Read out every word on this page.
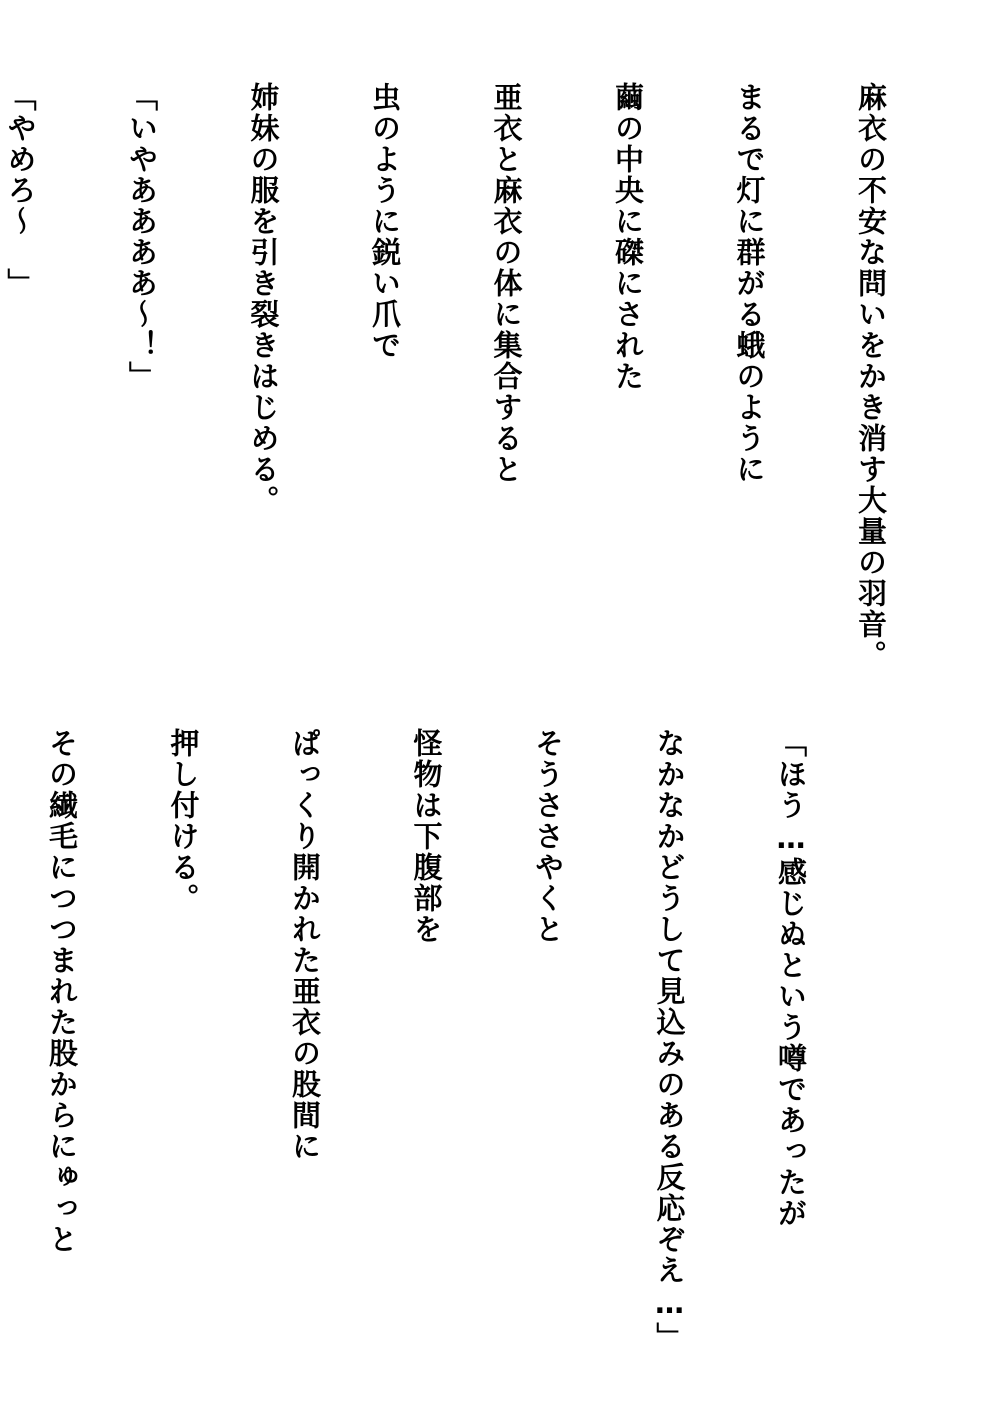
麻衣の不安な問いをかき消す大量の羽音。

まるで灯に群がる蛾のように

繭の中央に磔にされた

亜衣と麻衣の体に集合すると

虫のように鋭い爪で

姉妹の服を引き裂きはじめる。

「いやああああ〜！」

「やめろ〜　」

「ほう…感じぬという噂であったが

なかなかどうして見込みのある反応ぞえ…」

そうささやくと

怪物は下腹部を

ぱっくり開かれた亜衣の股間に

押し付ける。

その繊毛につつまれた股からにゅっと
